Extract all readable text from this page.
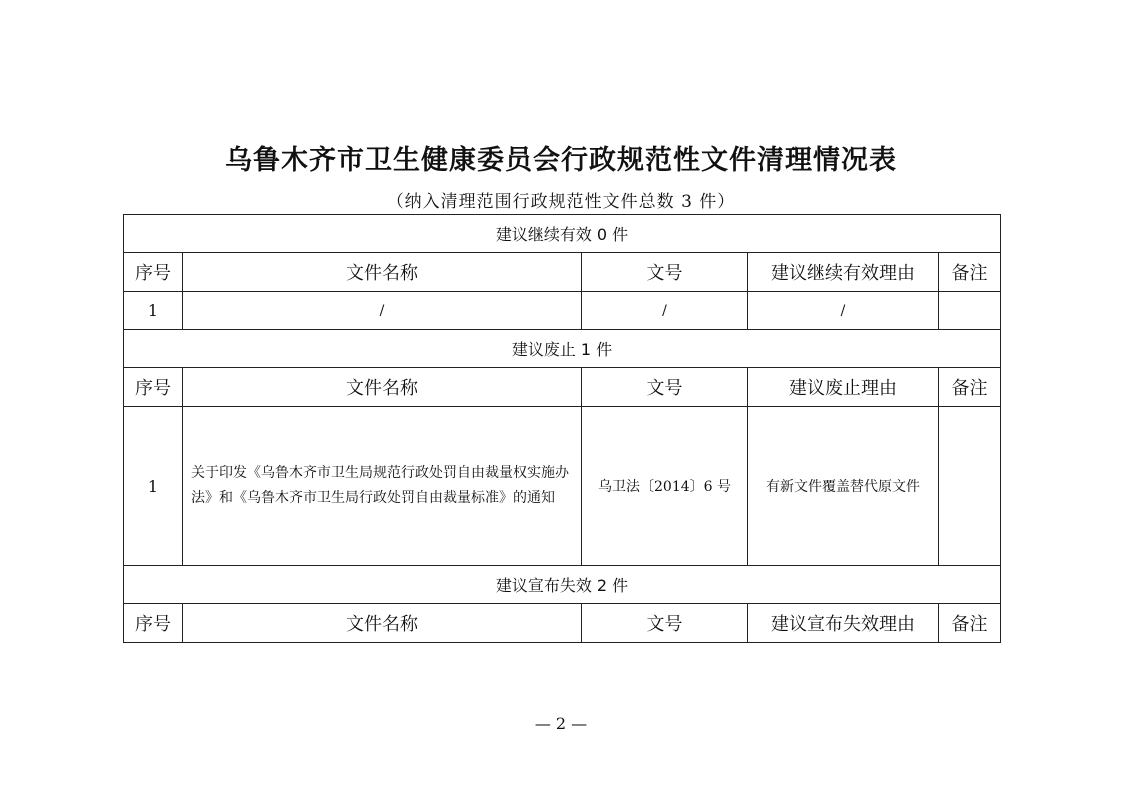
乌鲁木齐市卫生健康委员会行政规范性文件清理情况表
（纳入清理范围行政规范性文件总数 3 件）
建议继续有效 0 件				
序号	文件名称	文号	建议继续有效理由	备注
1	/	/	/	
建议废止 1 件				
序号	文件名称	文号	建议废止理由	备注
1	关于印发《乌鲁木齐市卫生局规范行政处罚自由裁量权实施办法》和《乌鲁木齐市卫生局行政处罚自由裁量标准》的通知	乌卫法〔2014〕6 号	有新文件覆盖替代原文件	
建议宣布失效 2 件				
序号	文件名称	文号	建议宣布失效理由	备注
— 2 —
